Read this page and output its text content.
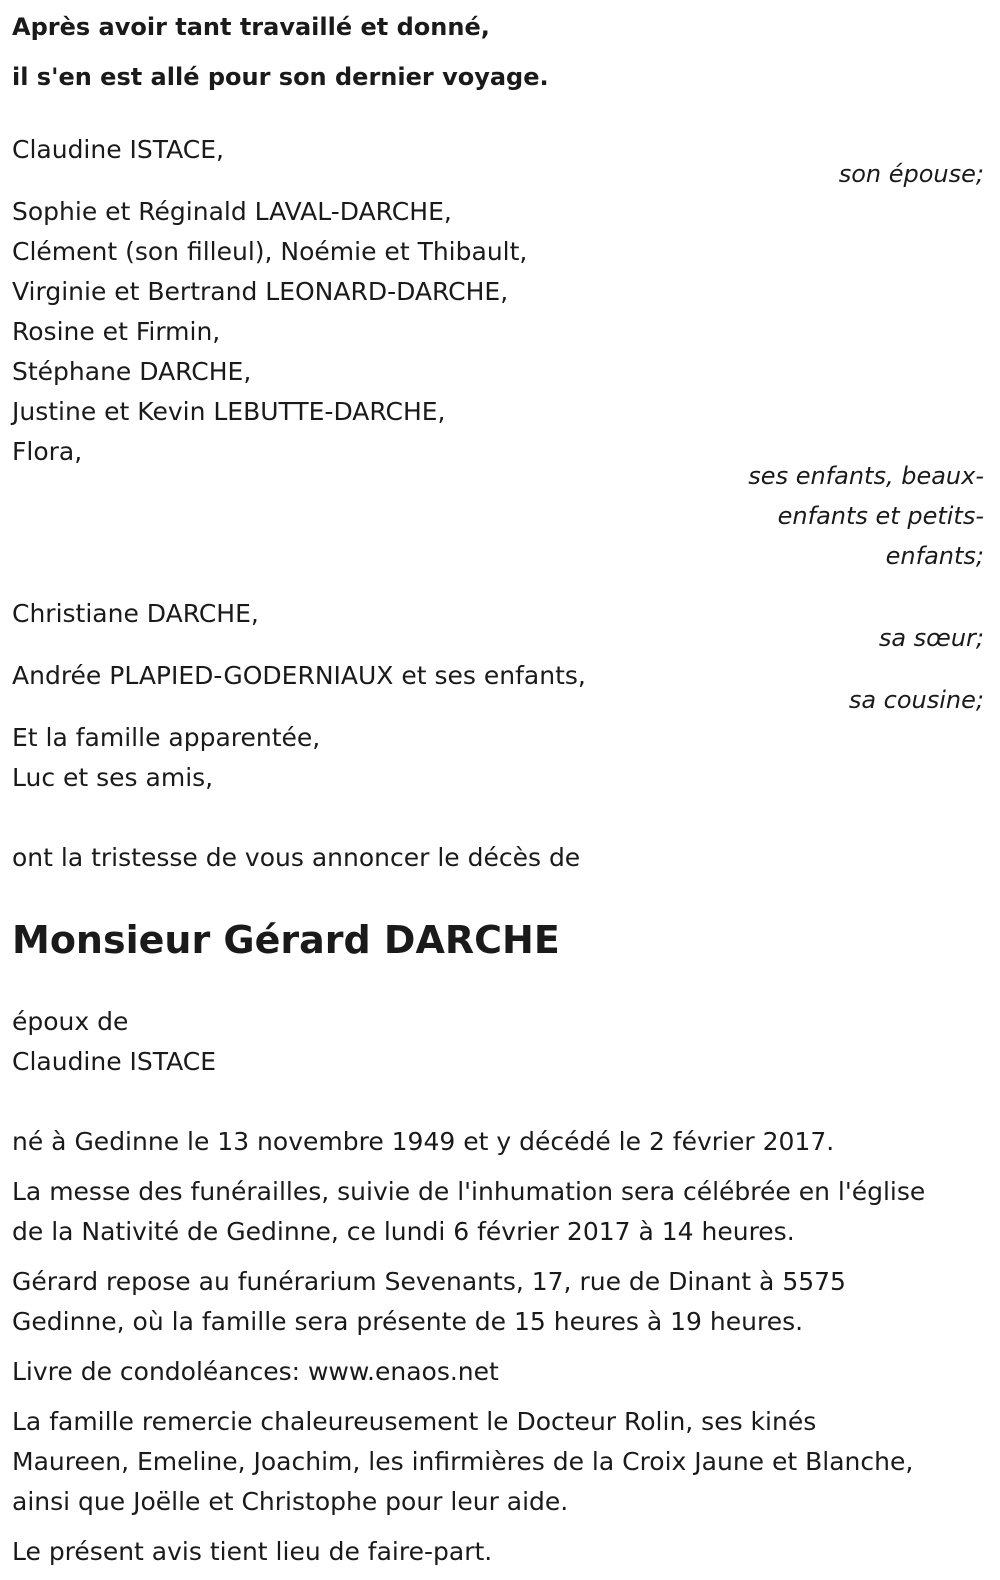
Après avoir tant travaillé et donné,
il s'en est allé pour son dernier voyage.
Claudine ISTACE,
son épouse;
Sophie et Réginald LAVAL-DARCHE,
Clément (son filleul), Noémie et Thibault,
Virginie et Bertrand LEONARD-DARCHE,
Rosine et Firmin,
Stéphane DARCHE,
Justine et Kevin LEBUTTE-DARCHE,
Flora,
ses enfants, beaux-
enfants et petits-
enfants;
Christiane DARCHE,
sa sœur;
Andrée PLAPIED-GODERNIAUX et ses enfants,
sa cousine;
Et la famille apparentée,
Luc et ses amis,
ont la tristesse de vous annoncer le décès de
Monsieur Gérard DARCHE
époux de
Claudine ISTACE
né à Gedinne le 13 novembre 1949 et y décédé le 2 février 2017.
La messe des funérailles, suivie de l'inhumation sera célébrée en l'église
de la Nativité de Gedinne, ce lundi 6 février 2017 à 14 heures.
Gérard repose au funérarium Sevenants, 17, rue de Dinant à 5575
Gedinne, où la famille sera présente de 15 heures à 19 heures.
Livre de condoléances: www.enaos.net
La famille remercie chaleureusement le Docteur Rolin, ses kinés
Maureen, Emeline, Joachim, les infirmières de la Croix Jaune et Blanche,
ainsi que Joëlle et Christophe pour leur aide.
Le présent avis tient lieu de faire-part.
